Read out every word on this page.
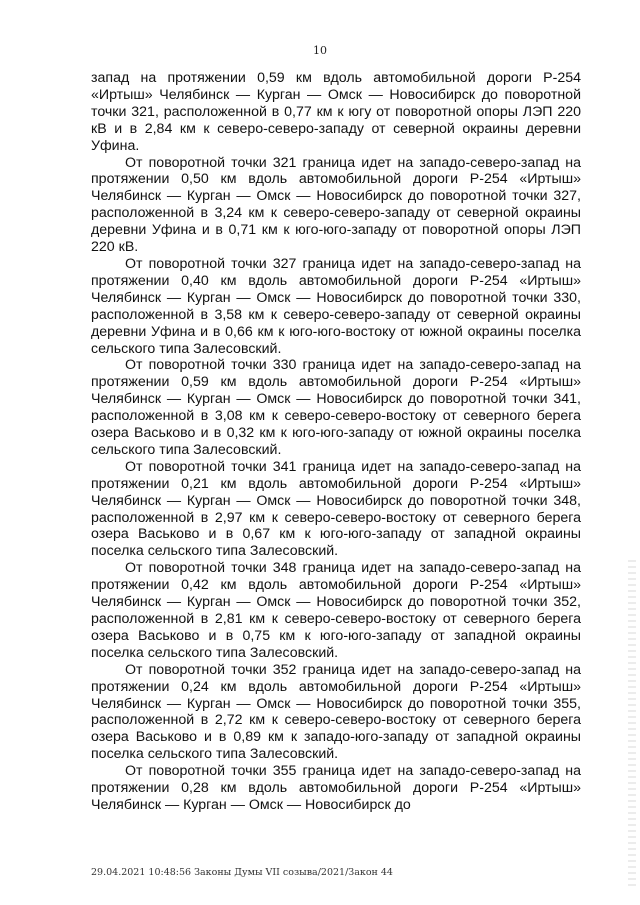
10

запад на протяжении 0,59 км вдоль автомобильной дороги Р-254 «Иртыш» Челябинск — Курган — Омск — Новосибирск до поворотной точки 321, расположенной в 0,77 км к югу от поворотной опоры ЛЭП 220 кВ и в 2,84 км к северо-северо-западу от северной окраины деревни Уфина.

От поворотной точки 321 граница идет на западо-северо-запад на протяжении 0,50 км вдоль автомобильной дороги Р-254 «Иртыш» Челябинск — Курган — Омск — Новосибирск до поворотной точки 327, расположенной в 3,24 км к северо-северо-западу от северной окраины деревни Уфина и в 0,71 км к юго-юго-западу от поворотной опоры ЛЭП 220 кВ.

От поворотной точки 327 граница идет на западо-северо-запад на протяжении 0,40 км вдоль автомобильной дороги Р-254 «Иртыш» Челябинск — Курган — Омск — Новосибирск до поворотной точки 330, расположенной в 3,58 км к северо-северо-западу от северной окраины деревни Уфина и в 0,66 км к юго-юго-востоку от южной окраины поселка сельского типа Залесовский.

От поворотной точки 330 граница идет на западо-северо-запад на протяжении 0,59 км вдоль автомобильной дороги Р-254 «Иртыш» Челябинск — Курган — Омск — Новосибирск до поворотной точки 341, расположенной в 3,08 км к северо-северо-востоку от северного берега озера Васьково и в 0,32 км к юго-юго-западу от южной окраины поселка сельского типа Залесовский.

От поворотной точки 341 граница идет на западо-северо-запад на протяжении 0,21 км вдоль автомобильной дороги Р-254 «Иртыш» Челябинск — Курган — Омск — Новосибирск до поворотной точки 348, расположенной в 2,97 км к северо-северо-востоку от северного берега озера Васьково и в 0,67 км к юго-юго-западу от западной окраины поселка сельского типа Залесовский.

От поворотной точки 348 граница идет на западо-северо-запад на протяжении 0,42 км вдоль автомобильной дороги Р-254 «Иртыш» Челябинск — Курган — Омск — Новосибирск до поворотной точки 352, расположенной в 2,81 км к северо-северо-востоку от северного берега озера Васьково и в 0,75 км к юго-юго-западу от западной окраины поселка сельского типа Залесовский.

От поворотной точки 352 граница идет на западо-северо-запад на протяжении 0,24 км вдоль автомобильной дороги Р-254 «Иртыш» Челябинск — Курган — Омск — Новосибирск до поворотной точки 355, расположенной в 2,72 км к северо-северо-востоку от северного берега озера Васьково и в 0,89 км к западо-юго-западу от западной окраины поселка сельского типа Залесовский.

От поворотной точки 355 граница идет на западо-северо-запад на протяжении 0,28 км вдоль автомобильной дороги Р-254 «Иртыш» Челябинск — Курган — Омск — Новосибирск до

29.04.2021 10:48:56 Законы Думы VII созыва/2021/Закон 44
